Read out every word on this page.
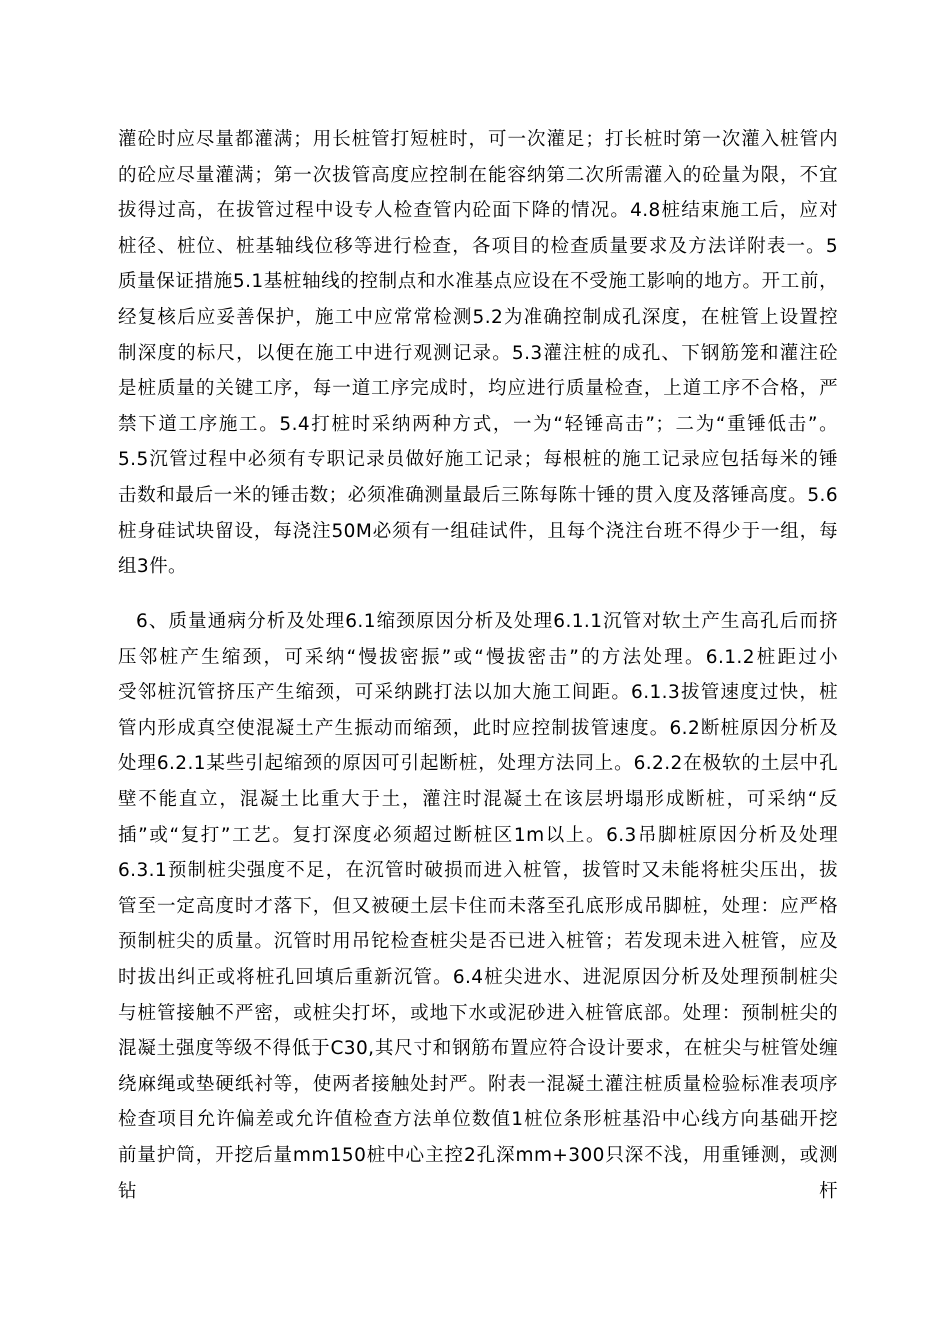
灌砼时应尽量都灌满；用长桩管打短桩时，可一次灌足；打长桩时第一次灌入桩管内
的砼应尽量灌满；第一次拔管高度应控制在能容纳第二次所需灌入的砼量为限，不宜
拔得过高，在拔管过程中设专人检查管内砼面下降的情况。4.8桩结束施工后，应对
桩径、桩位、桩基轴线位移等进行检查，各项目的检查质量要求及方法详附表一。5
质量保证措施5.1基桩轴线的控制点和水准基点应设在不受施工影响的地方。开工前，
经复核后应妥善保护，施工中应常常检测5.2为准确控制成孔深度，在桩管上设置控
制深度的标尺，以便在施工中进行观测记录。5.3灌注桩的成孔、下钢筋笼和灌注砼
是桩质量的关键工序，每一道工序完成时，均应进行质量检查，上道工序不合格，严
禁下道工序施工。5.4打桩时采纳两种方式，一为“轻锤高击”；二为“重锤低击”。
5.5沉管过程中必须有专职记录员做好施工记录；每根桩的施工记录应包括每米的锤
击数和最后一米的锤击数；必须准确测量最后三陈每陈十锤的贯入度及落锤高度。5.6
桩身硅试块留设，每浇注50M必须有一组硅试件，且每个浇注台班不得少于一组，每
组3件。
6、质量通病分析及处理6.1缩颈原因分析及处理6.1.1沉管对软土产生高孔后而挤
压邻桩产生缩颈，可采纳“慢拔密振”或“慢拔密击”的方法处理。6.1.2桩距过小
受邻桩沉管挤压产生缩颈，可采纳跳打法以加大施工间距。6.1.3拔管速度过快，桩
管内形成真空使混凝土产生振动而缩颈，此时应控制拔管速度。6.2断桩原因分析及
处理6.2.1某些引起缩颈的原因可引起断桩，处理方法同上。6.2.2在极软的土层中孔
壁不能直立，混凝土比重大于土，灌注时混凝土在该层坍塌形成断桩，可采纳“反
插”或“复打”工艺。复打深度必须超过断桩区1m以上。6.3吊脚桩原因分析及处理
6.3.1预制桩尖强度不足，在沉管时破损而进入桩管，拔管时又未能将桩尖压出，拔
管至一定高度时才落下，但又被硬土层卡住而未落至孔底形成吊脚桩，处理：应严格
预制桩尖的质量。沉管时用吊铊检查桩尖是否已进入桩管；若发现未进入桩管，应及
时拔出纠正或将桩孔回填后重新沉管。6.4桩尖进水、进泥原因分析及处理预制桩尖
与桩管接触不严密，或桩尖打坏，或地下水或泥砂进入桩管底部。处理：预制桩尖的
混凝土强度等级不得低于C30,其尺寸和钢筋布置应符合设计要求，在桩尖与桩管处缠
绕麻绳或垫硬纸衬等，使两者接触处封严。附表一混凝土灌注桩质量检验标准表项序
检查项目允许偏差或允许值检查方法单位数值1桩位条形桩基沿中心线方向基础开挖
前量护筒，开挖后量mm150桩中心主控2孔深mm+300只深不浅，用重锤测，或测钻杆
